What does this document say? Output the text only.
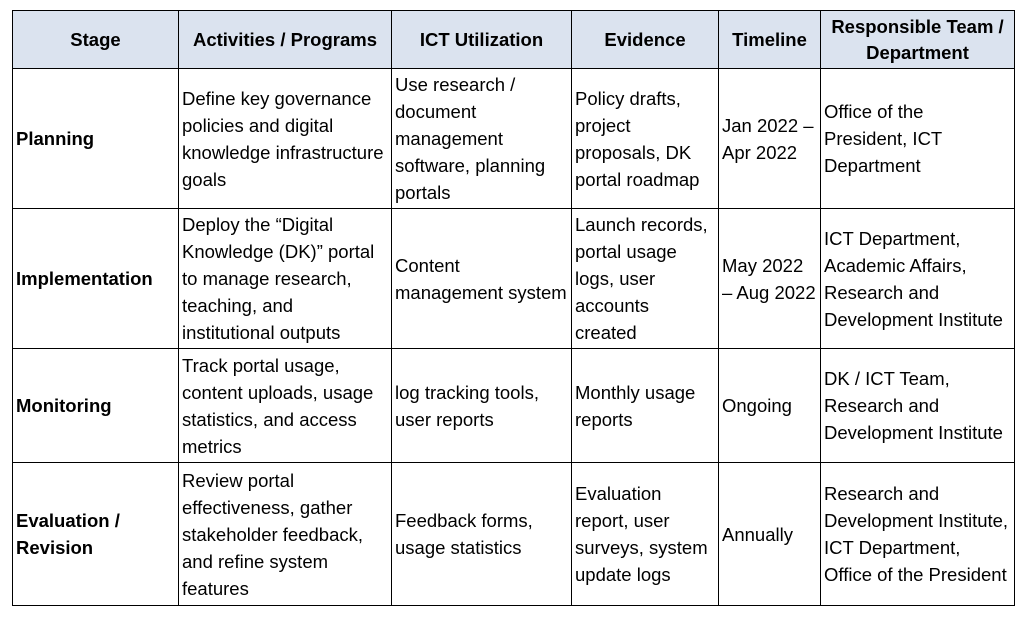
Stage	Activities / Programs	ICT Utilization	Evidence	Timeline	Responsible Team / Department
Planning	Define key governance policies and digital knowledge infrastructure goals	Use research / document management software, planning portals	Policy drafts, project proposals, DK portal roadmap	Jan 2022 – Apr 2022	Office of the President, ICT Department
Implementation	Deploy the “Digital Knowledge (DK)” portal to manage research, teaching, and institutional outputs	Content management system	Launch records, portal usage logs, user accounts created	May 2022 – Aug 2022	ICT Department, Academic Affairs, Research and Development Institute
Monitoring	Track portal usage, content uploads, usage statistics, and access metrics	log tracking tools, user reports	Monthly usage reports	Ongoing	DK / ICT Team, Research and Development Institute
Evaluation / Revision	Review portal effectiveness, gather stakeholder feedback, and refine system features	Feedback forms, usage statistics	Evaluation report, user surveys, system update logs	Annually	Research and Development Institute, ICT Department, Office of the President
